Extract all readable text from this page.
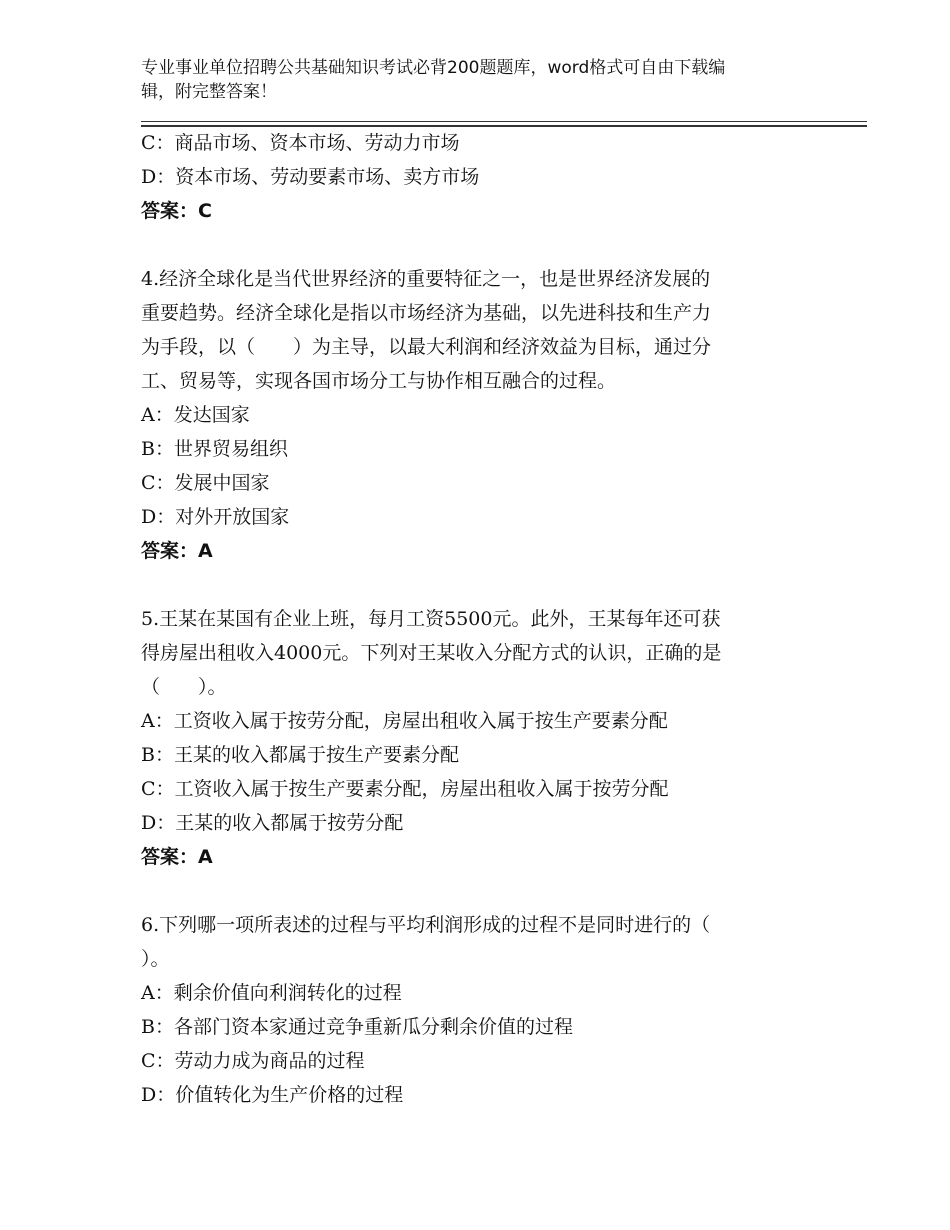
专业事业单位招聘公共基础知识考试必背200题题库，word格式可自由下载编
辑，附完整答案！
C：商品市场、资本市场、劳动力市场
D：资本市场、劳动要素市场、卖方市场
答案：C
4.经济全球化是当代世界经济的重要特征之一，也是世界经济发展的
重要趋势。经济全球化是指以市场经济为基础，以先进科技和生产力
为手段，以（　　）为主导，以最大利润和经济效益为目标，通过分
工、贸易等，实现各国市场分工与协作相互融合的过程。
A：发达国家
B：世界贸易组织
C：发展中国家
D：对外开放国家
答案：A
5.王某在某国有企业上班，每月工资5500元。此外，王某每年还可获
得房屋出租收入4000元。下列对王某收入分配方式的认识，正确的是
（　　）。
A：工资收入属于按劳分配，房屋出租收入属于按生产要素分配
B：王某的收入都属于按生产要素分配
C：工资收入属于按生产要素分配，房屋出租收入属于按劳分配
D：王某的收入都属于按劳分配
答案：A
6.下列哪一项所表述的过程与平均利润形成的过程不是同时进行的（
）。
A：剩余价值向利润转化的过程
B：各部门资本家通过竞争重新瓜分剩余价值的过程
C：劳动力成为商品的过程
D：价值转化为生产价格的过程
